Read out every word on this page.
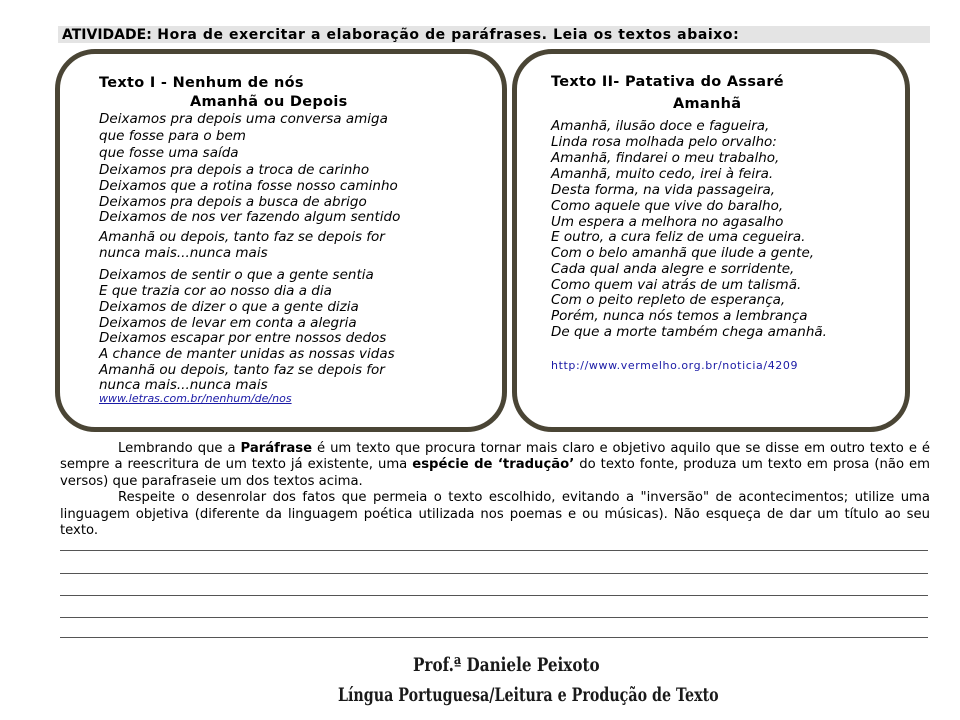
ATIVIDADE: Hora de exercitar a elaboração de paráfrases. Leia os textos abaixo:
Texto I - Nenhum de nós
Amanhã ou Depois
Deixamos pra depois uma conversa amiga
que fosse para o bem
que fosse uma saída
Deixamos pra depois a troca de carinho
Deixamos que a rotina fosse nosso caminho
Deixamos pra depois a busca de abrigo
Deixamos de nos ver fazendo algum sentido
Amanhã ou depois, tanto faz se depois for
nunca mais...nunca mais
Deixamos de sentir o que a gente sentia
E que trazia cor ao nosso dia a dia
Deixamos de dizer o que a gente dizia
Deixamos de levar em conta a alegria
Deixamos escapar por entre nossos dedos
A chance de manter unidas as nossas vidas
Amanhã ou depois, tanto faz se depois for
nunca mais...nunca mais
www.letras.com.br/nenhum/de/nos
Texto II- Patativa do Assaré
Amanhã
Amanhã, ilusão doce e fagueira,
Linda rosa molhada pelo orvalho:
Amanhã, findarei o meu trabalho,
Amanhã, muito cedo, irei à feira.
Desta forma, na vida passageira,
Como aquele que vive do baralho,
Um espera a melhora no agasalho
E outro, a cura feliz de uma cegueira.
Com o belo amanhã que ilude a gente,
Cada qual anda alegre e sorridente,
Como quem vai atrás de um talismã.
Com o peito repleto de esperança,
Porém, nunca nós temos a lembrança
De que a morte também chega amanhã.
http://www.vermelho.org.br/noticia/4209

Lembrando que a Paráfrase é um texto que procura tornar mais claro e objetivo aquilo que se disse em outro texto e é sempre a reescritura de um texto já existente, uma espécie de ‘tradução’ do texto fonte, produza um texto em prosa (não em versos) que parafraseie um dos textos acima.

Respeite o desenrolar dos fatos que permeia o texto escolhido, evitando a "inversão" de acontecimentos; utilize uma linguagem objetiva (diferente da linguagem poética utilizada nos poemas e ou músicas). Não esqueça de dar um título ao seu texto.

Prof.ª Daniele Peixoto
Língua Portuguesa/Leitura e Produção de Texto
